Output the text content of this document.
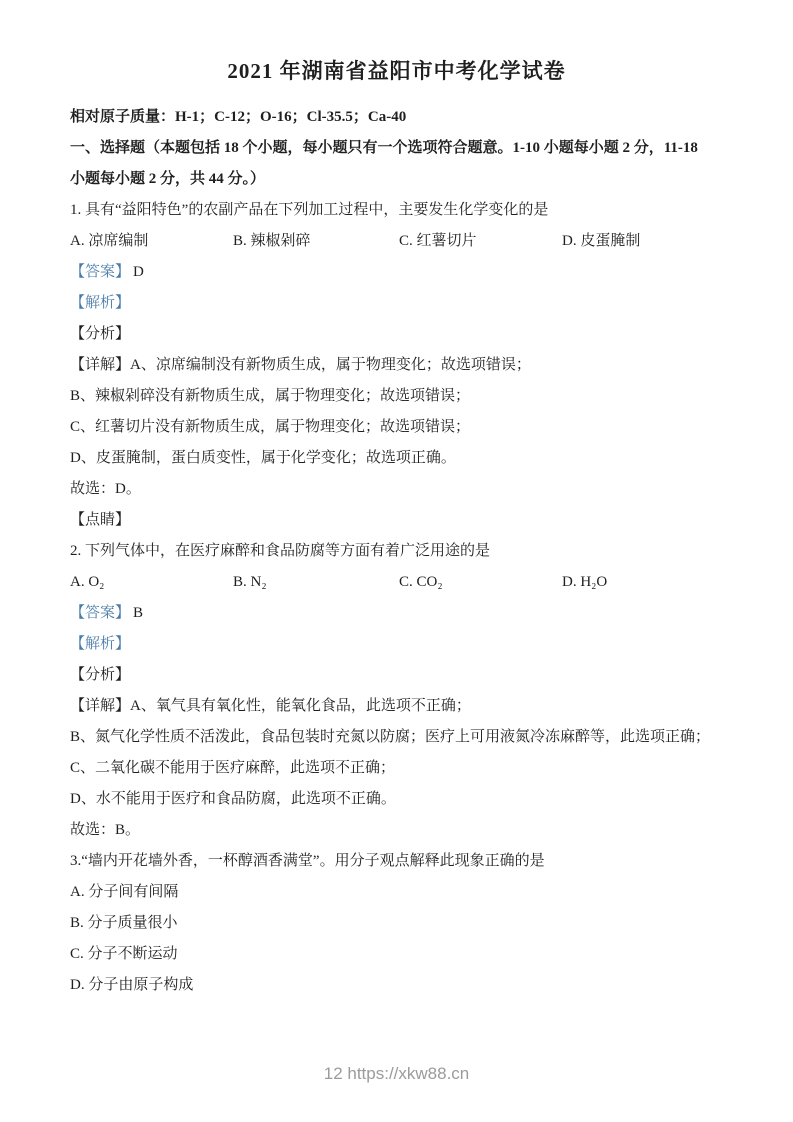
2021 年湖南省益阳市中考化学试卷
相对原子质量：H-1；C-12；O-16；Cl-35.5；Ca-40
一、选择题（本题包括 18 个小题，每小题只有一个选项符合题意。1-10 小题每小题 2 分，11-18
小题每小题 2 分，共 44 分。）
1. 具有“益阳特色”的农副产品在下列加工过程中，主要发生化学变化的是
A. 凉席编制	B. 辣椒剁碎	C. 红薯切片	D. 皮蛋腌制
【答案】 D
【解析】
【分析】
【详解】A、凉席编制没有新物质生成，属于物理变化；故选项错误；
B、辣椒剁碎没有新物质生成，属于物理变化；故选项错误；
C、红薯切片没有新物质生成，属于物理变化；故选项错误；
D、皮蛋腌制，蛋白质变性，属于化学变化；故选项正确。
故选：D。
【点睛】
2. 下列气体中，在医疗麻醉和食品防腐等方面有着广泛用途的是
A. O₂	B. N₂	C. CO₂	D. H₂O
【答案】 B
【解析】
【分析】
【详解】A、氧气具有氧化性，能氧化食品，此选项不正确；
B、氮气化学性质不活泼此，食品包装时充氮以防腐；医疗上可用液氮冷冻麻醉等，此选项正确；
C、二氧化碳不能用于医疗麻醉，此选项不正确；
D、水不能用于医疗和食品防腐，此选项不正确。
故选：B。
3.“墙内开花墙外香，一杯醇酒香满堂”。用分子观点解释此现象正确的是
A. 分子间有间隔
B. 分子质量很小
C. 分子不断运动
D. 分子由原子构成
12 https://xkw88.cn
